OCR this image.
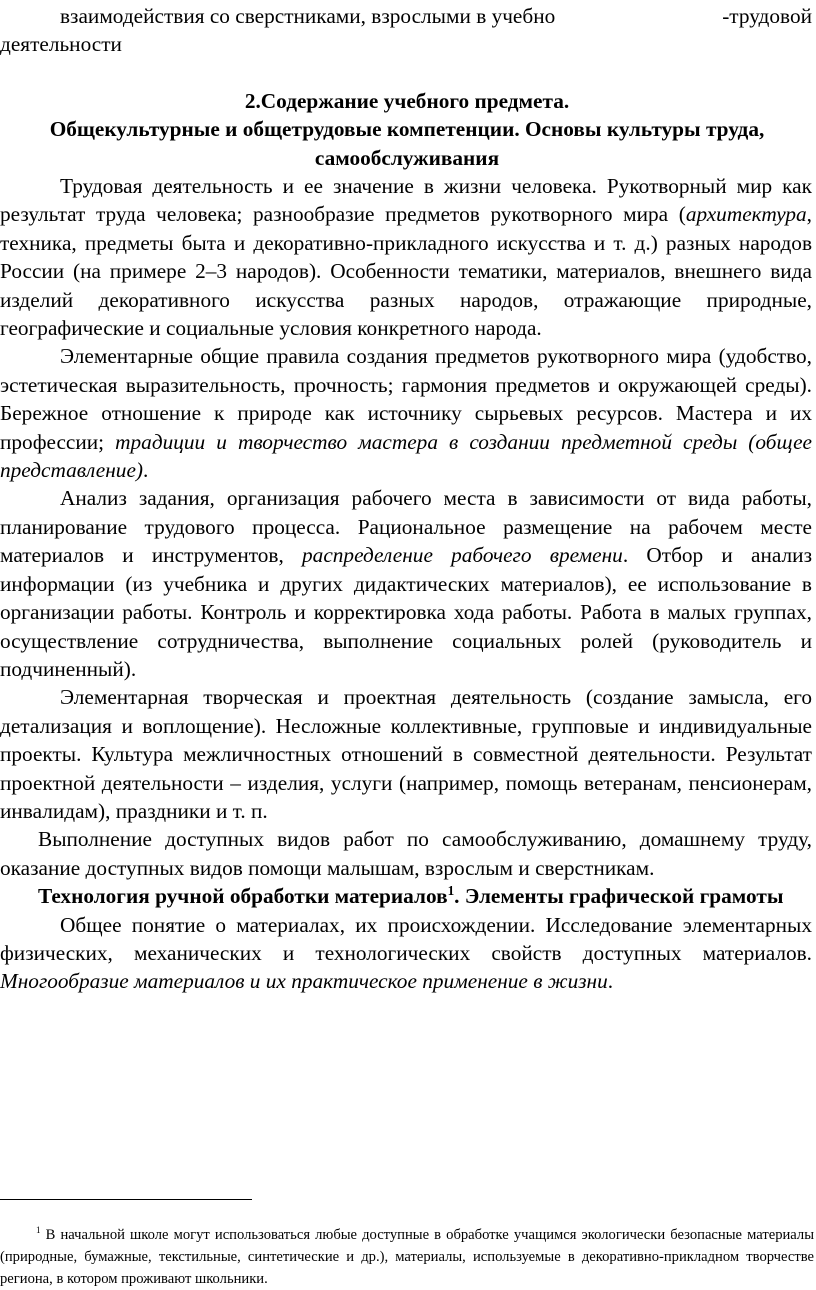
взаимодействия со сверстниками, взрослыми в учебно	-трудовой

деятельности

2.Содержание учебного предмета.

Общекультурные и общетрудовые компетенции. Основы культуры труда, самообслуживания

Трудовая деятельность и ее значение в жизни человека. Рукотворный мир как результат труда человека; разнообразие предметов рукотворного мира (архитектура, техника, предметы быта и декоративно-прикладного искусства и т. д.) разных народов России (на примере 2–3 народов). Особенности тематики, материалов, внешнего вида изделий декоративного искусства разных народов, отражающие природные, географические и социальные условия конкретного народа.

Элементарные общие правила создания предметов рукотворного мира (удобство, эстетическая выразительность, прочность; гармония предметов и окружающей среды). Бережное отношение к природе как источнику сырьевых ресурсов. Мастера и их профессии; традиции и творчество мастера в создании предметной среды (общее представление).

Анализ задания, организация рабочего места в зависимости от вида работы, планирование трудового процесса. Рациональное размещение на рабочем месте материалов и инструментов, распределение рабочего времени. Отбор и анализ информации (из учебника и других дидактических материалов), ее использование в организации работы. Контроль и корректировка хода работы. Работа в малых группах, осуществление сотрудничества, выполнение социальных ролей (руководитель и подчиненный).

Элементарная творческая и проектная деятельность (создание замысла, его детализация и воплощение). Несложные коллективные, групповые и индивидуальные проекты. Культура межличностных отношений в совместной деятельности. Результат проектной деятельности – изделия, услуги (например, помощь ветеранам, пенсионерам, инвалидам), праздники и т. п.

Выполнение доступных видов работ по самообслуживанию, домашнему труду, оказание доступных видов помощи малышам, взрослым и сверстникам.

Технология ручной обработки материалов$^1$. Элементы графической грамоты

Общее понятие о материалах, их происхождении. Исследование элементарных физических, механических и технологических свойств доступных материалов. Многообразие материалов и их практическое применение в жизни.

$^1$ В начальной школе могут использоваться любые доступные в обработке учащимся экологически безопасные материалы (природные, бумажные, текстильные, синтетические и др.), материалы, используемые в декоративно-прикладном творчестве региона, в котором проживают школьники.
